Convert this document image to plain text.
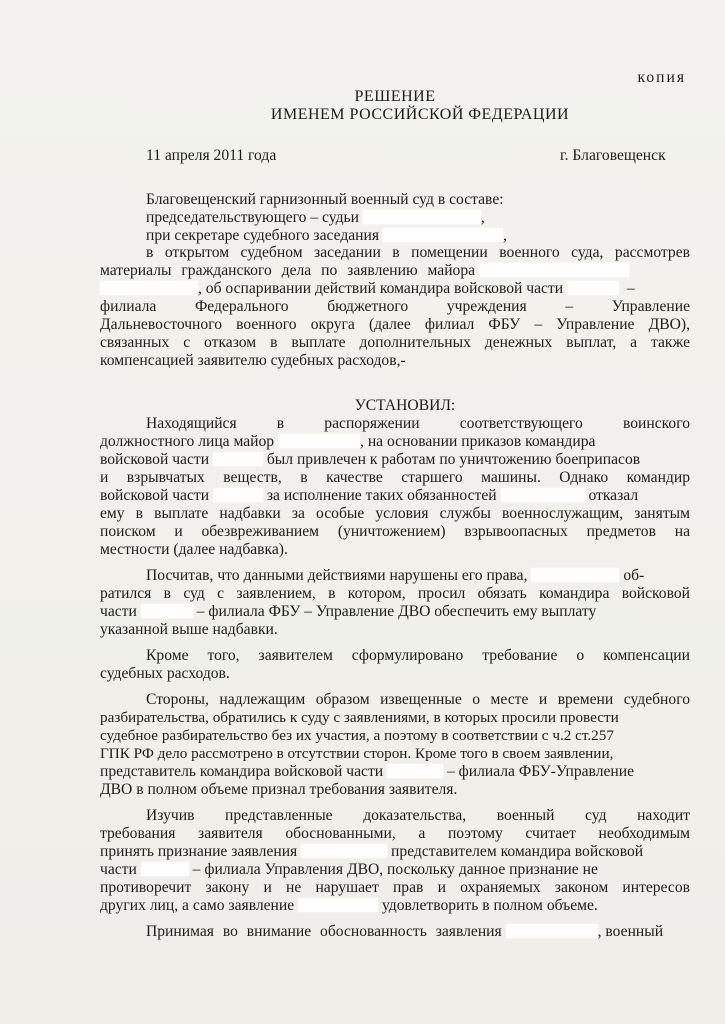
копия
РЕШЕНИЕ
ИМЕНЕМ РОССИЙСКОЙ ФЕДЕРАЦИИ
11 апреля 2011 года	г. Благовещенск
Благовещенский гарнизонный военный суд в составе:
председательствующего – судьи	,
при секретаре судебного заседания	,
в открытом судебном заседании в помещении военного суда, рассмотрев
материалы гражданского дела по заявлению майора
, об оспаривании действий командира войсковой части	–
филиала Федерального бюджетного учреждения – Управление
Дальневосточного военного округа (далее филиал ФБУ – Управление ДВО),
связанных с отказом в выплате дополнительных денежных выплат, а также
компенсацией заявителю судебных расходов,-
УСТАНОВИЛ:
Находящийся в распоряжении соответствующего воинского
должностного лица майор	, на основании приказов командира
войсковой части	был привлечен к работам по уничтожению боеприпасов
и взрывчатых веществ, в качестве старшего машины. Однако командир
войсковой части	за исполнение таких обязанностей	отказал
ему в выплате надбавки за особые условия службы военнослужащим, занятым
поиском и обезвреживанием (уничтожением) взрывоопасных предметов на
местности (далее надбавка).
Посчитав, что данными действиями нарушены его права,	об-
ратился в суд с заявлением, в котором, просил обязать командира войсковой
части	– филиала ФБУ – Управление ДВО обеспечить ему выплату
указанной выше надбавки.
Кроме того, заявителем сформулировано требование о компенсации
судебных расходов.
Стороны, надлежащим образом извещенные о месте и времени судебного
разбирательства, обратились к суду с заявлениями, в которых просили провести
судебное разбирательство без их участия, а поэтому в соответствии с ч.2 ст.257
ГПК РФ дело рассмотрено в отсутствии сторон. Кроме того в своем заявлении,
представитель командира войсковой части	– филиала ФБУ-Управление
ДВО в полном объеме признал требования заявителя.
Изучив представленные доказательства, военный суд находит
требования заявителя обоснованными, а поэтому считает необходимым
принять признание заявления	представителем командира войсковой
части	– филиала Управления ДВО, поскольку данное признание не
противоречит закону и не нарушает прав и охраняемых законом интересов
других лиц, а само заявление	удовлетворить в полном объеме.
Принимая во внимание обоснованность заявления	, военный
